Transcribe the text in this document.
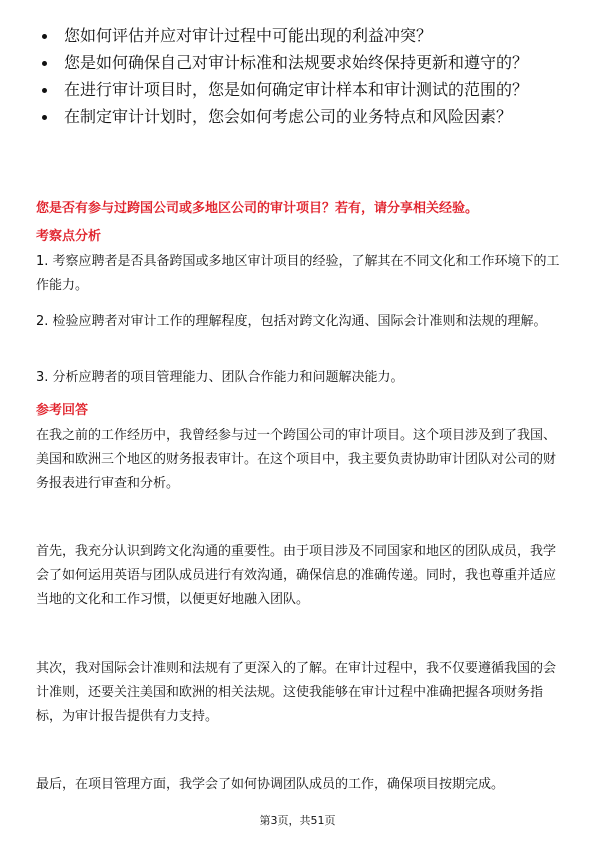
您如何评估并应对审计过程中可能出现的利益冲突？
您是如何确保自己对审计标准和法规要求始终保持更新和遵守的？
在进行审计项目时，您是如何确定审计样本和审计测试的范围的？
在制定审计计划时，您会如何考虑公司的业务特点和风险因素？
您是否有参与过跨国公司或多地区公司的审计项目？若有，请分享相关经验。
考察点分析

1. 考察应聘者是否具备跨国或多地区审计项目的经验，了解其在不同文化和工作环境下的工作能力。

2. 检验应聘者对审计工作的理解程度，包括对跨文化沟通、国际会计准则和法规的理解。

3. 分析应聘者的项目管理能力、团队合作能力和问题解决能力。

参考回答

在我之前的工作经历中，我曾经参与过一个跨国公司的审计项目。这个项目涉及到了我国、美国和欧洲三个地区的财务报表审计。在这个项目中，我主要负责协助审计团队对公司的财务报表进行审查和分析。

首先，我充分认识到跨文化沟通的重要性。由于项目涉及不同国家和地区的团队成员，我学会了如何运用英语与团队成员进行有效沟通，确保信息的准确传递。同时，我也尊重并适应当地的文化和工作习惯，以便更好地融入团队。

其次，我对国际会计准则和法规有了更深入的了解。在审计过程中，我不仅要遵循我国的会计准则，还要关注美国和欧洲的相关法规。这使我能够在审计过程中准确把握各项财务指标，为审计报告提供有力支持。

最后，在项目管理方面，我学会了如何协调团队成员的工作，确保项目按期完成。

第3页，共51页
